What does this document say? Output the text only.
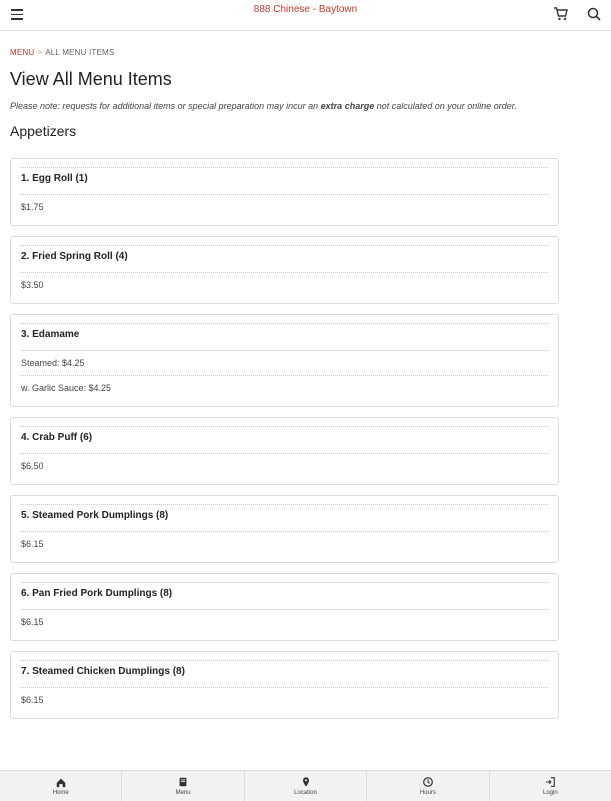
888 Chinese - Baytown
MENU > ALL MENU ITEMS
View All Menu Items
Please note: requests for additional items or special preparation may incur an extra charge not calculated on your online order.
Appetizers
1. Egg Roll (1)
$1.75
2. Fried Spring Roll (4)
$3.50
3. Edamame
Steamed: $4.25
w. Garlic Sauce: $4.25
4. Crab Puff (6)
$6.50
5. Steamed Pork Dumplings (8)
$6.15
6. Pan Fried Pork Dumplings (8)
$6.15
7. Steamed Chicken Dumplings (8)
$6.15
Home	Menu	Location	Hours	Login
